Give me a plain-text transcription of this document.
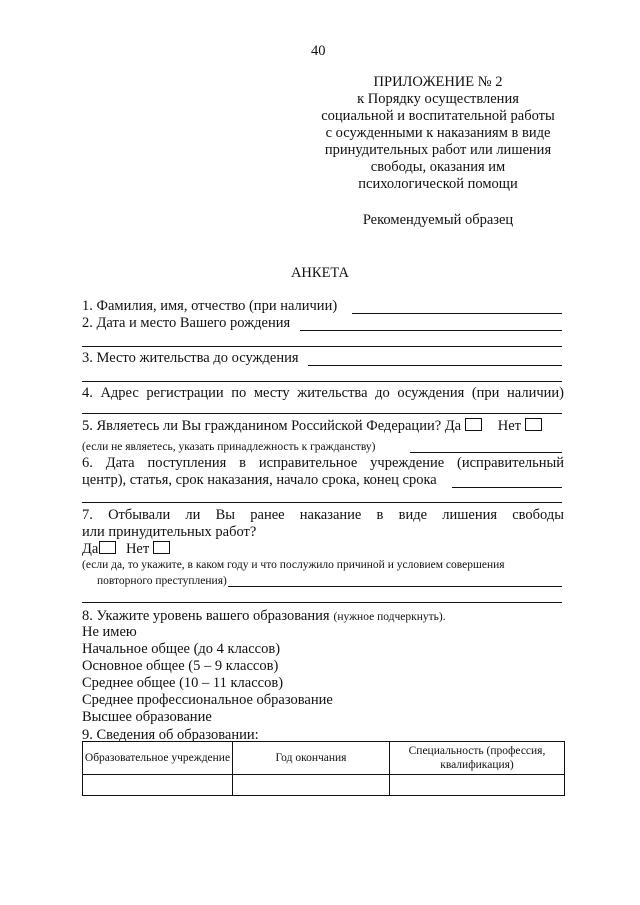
40
ПРИЛОЖЕНИЕ № 2
к Порядку осуществления
социальной и воспитательной работы
с осужденными к наказаниям в виде
принудительных работ или лишения
свободы, оказания им
психологической помощи
Рекомендуемый образец
АНКЕТА
1. Фамилия, имя, отчество (при наличии)
2. Дата и место Вашего рождения
3. Место жительства до осуждения
4. Адрес регистрации по месту жительства до осуждения (при наличии)
5. Являетесь ли Вы гражданином Российской Федерации? Да	Нет
(если не являетесь, указать принадлежность к гражданству)
6. Дата поступления в исправительное учреждение (исправительный
центр), статья, срок наказания, начало срока, конец срока
7. Отбывали ли Вы ранее наказание в виде лишения свободы
или принудительных работ?
Да Нет
(если да, то укажите, в каком году и что послужило причиной и условием совершения
повторного преступления)
8. Укажите уровень вашего образования (нужное подчеркнуть).
Не имею
Начальное общее (до 4 классов)
Основное общее (5 – 9 классов)
Среднее общее (10 – 11 классов)
Среднее профессиональное образование
Высшее образование
9. Сведения об образовании:
Образовательное учреждение	Год окончания	Специальность (профессия, квалификация)
